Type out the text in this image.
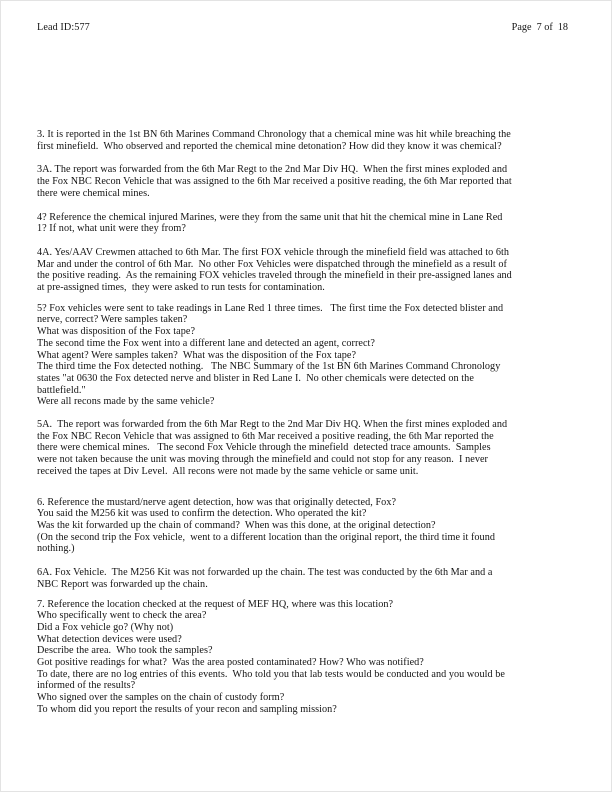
Lead ID:577	Page 7 of 18
3. It is reported in the 1st BN 6th Marines Command Chronology that a chemical mine was hit while breaching the
first minefield.  Who observed and reported the chemical mine detonation? How did they know it was chemical?
3A. The report was forwarded from the 6th Mar Regt to the 2nd Mar Div HQ.  When the first mines exploded and
the Fox NBC Recon Vehicle that was assigned to the 6th Mar received a positive reading, the 6th Mar reported that
there were chemical mines.
4? Reference the chemical injured Marines, were they from the same unit that hit the chemical mine in Lane Red
1? If not, what unit were they from?
4A. Yes/AAV Crewmen attached to 6th Mar. The first FOX vehicle through the minefield field was attached to 6th
Mar and under the control of 6th Mar.  No other Fox Vehicles were dispatched through the minefield as a result of
the positive reading.  As the remaining FOX vehicles traveled through the minefield in their pre-assigned lanes and
at pre-assigned times,  they were asked to run tests for contamination.
5? Fox vehicles were sent to take readings in Lane Red 1 three times.   The first time the Fox detected blister and
nerve, correct? Were samples taken?
What was disposition of the Fox tape?
The second time the Fox went into a different lane and detected an agent, correct?
What agent? Were samples taken?  What was the disposition of the Fox tape?
The third time the Fox detected nothing.   The NBC Summary of the 1st BN 6th Marines Command Chronology
states "at 0630 the Fox detected nerve and blister in Red Lane I.  No other chemicals were detected on the
battlefield."
Were all recons made by the same vehicle?
5A.  The report was forwarded from the 6th Mar Regt to the 2nd Mar Div HQ. When the first mines exploded and
the Fox NBC Recon Vehicle that was assigned to 6th Mar received a positive reading, the 6th Mar reported the
there were chemical mines.   The second Fox Vehicle through the minefield  detected trace amounts.  Samples
were not taken because the unit was moving through the minefield and could not stop for any reason.  I never
received the tapes at Div Level.  All recons were not made by the same vehicle or same unit.
6. Reference the mustard/nerve agent detection, how was that originally detected, Fox?
You said the M256 kit was used to confirm the detection. Who operated the kit?
Was the kit forwarded up the chain of command?  When was this done, at the original detection?
(On the second trip the Fox vehicle,  went to a different location than the original report, the third time it found
nothing.)
6A. Fox Vehicle.  The M256 Kit was not forwarded up the chain. The test was conducted by the 6th Mar and a
NBC Report was forwarded up the chain.
7. Reference the location checked at the request of MEF HQ, where was this location?
Who specifically went to check the area?
Did a Fox vehicle go? (Why not)
What detection devices were used?
Describe the area.  Who took the samples?
Got positive readings for what?  Was the area posted contaminated? How? Who was notified?
To date, there are no log entries of this events.  Who told you that lab tests would be conducted and you would be
informed of the results?
Who signed over the samples on the chain of custody form?
To whom did you report the results of your recon and sampling mission?
